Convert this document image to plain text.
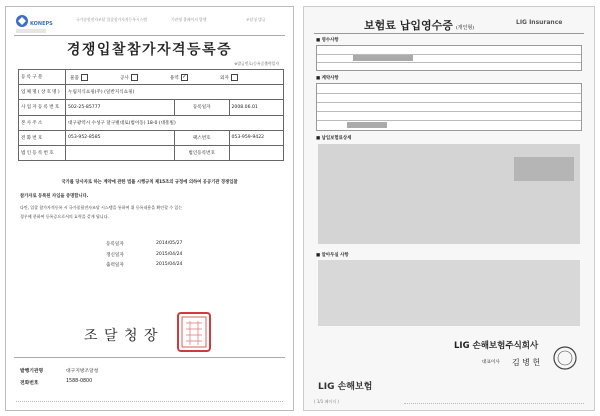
KONEPS
국가종합전자조달 입찰참가자격등록시스템	기관명 홈페이지 발행	조달청 발급
경쟁입찰참가자격등록증
※발급번호/등록증출력일자
등록구분	물품 공사 용역 ✓ 외자		
업체명(상호명)	누림지식쇼핑(주) (일반지식쇼핑)		
사업자등록번호	502-25-85777	등록일자	2008.06.01
본사주소	대구광역시 수성구 달구벌대로(범어동) 18-0 (대흥빌)		
전화번호	053-952-8585	팩스번호	053-959-9422
법인등록번호		법인등록번호	
국가를 당사자로 하는 계약에 관한 법률 시행규칙 제15조의 규정에 의하여 공공기관 경쟁입찰
참가자로 등록된 자임을 증명합니다.
다만, 입찰 참가자격등록 시 국가종합전자조달 시스템을 통하여 위 등록내용을 확인할 수 있는
경우에 한하여 등록증으로서의 효력을 갖게 됩니다.
등록일자	2014/05/27
갱신일자	2015/04/24
출력일자	2015/04/24
조 달 청 장
발행기관명	대구지방조달청
전화번호	1588-0800
보험료 납입영수증 (개인형)
LIG Insurance
■ 영수사항
■ 계약사항
■ 납입보험료상세
■ 알아두실 사항
LIG 손해보험주식회사
대표이사 김 병 헌
LIG 손해보험
( 1/1 페이지 )
